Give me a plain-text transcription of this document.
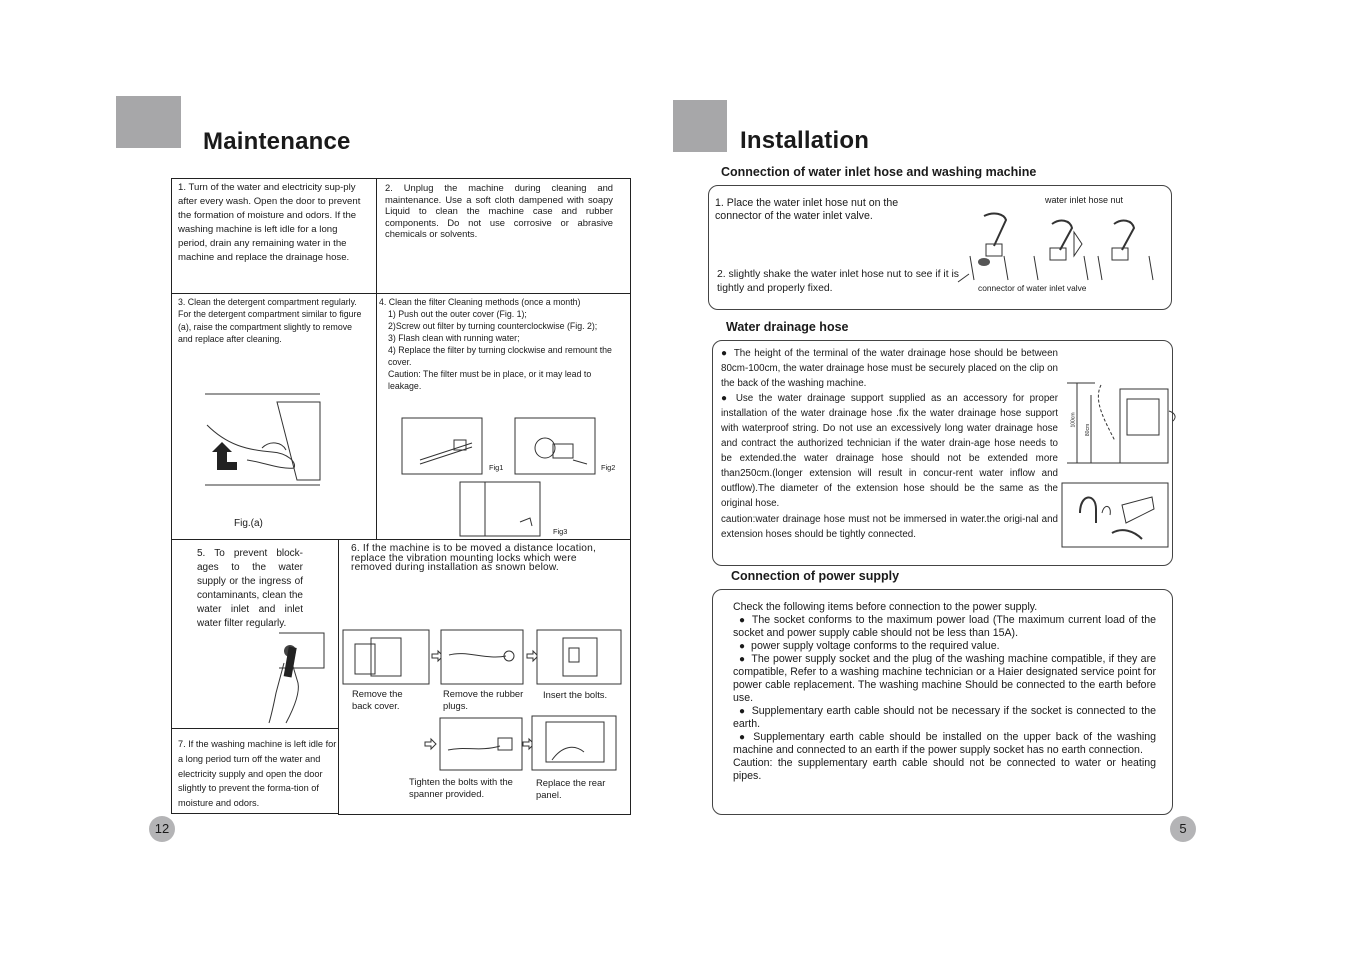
Maintenance
1. Turn of the water and electricity sup-ply after every wash. Open the door to prevent the formation of moisture and odors. If the washing machine is left idle for a long period, drain any remaining water in the machine and replace the drainage hose.
2. Unplug the machine during cleaning and maintenance. Use a soft cloth dampened with soapy Liquid to clean the machine case and rubber components. Do not use corrosive or abrasive chemicals or solvents.
3. Clean the detergent compartment regularly. For the detergent compartment similar to figure (a), raise the compartment slightly to remove and replace after cleaning.
Fig.(a)
4. Clean the filter Cleaning methods (once a month)
1) Push out the outer cover (Fig. 1);
2)Screw out filter by turning counterclockwise (Fig. 2);
3) Flash clean with running water;
4) Replace the filter by turning clockwise and remount the cover.
Caution: The filter must be in place, or it may lead to leakage.
Fig1	Fig2
Fig3
5. To prevent block-ages to the water supply or the ingress of contaminants, clean the water inlet and inlet water filter regularly.
7. If the washing machine is left idle for a long period turn off the water and electricity supply and open the door slightly to prevent the forma-tion of moisture and odors.
6. If the machine is to be moved a distance location, replace the vibration mounting locks which were removed during installation as snown below.
Remove the back cover.
Remove the rubber plugs.
Insert the bolts.
Tighten the bolts with the spanner provided.
Replace the rear panel.
12
Installation
Connection of water inlet hose and washing machine
1. Place the water inlet hose nut on the connector of the water inlet valve.
2. slightly shake the water inlet hose nut to see if it is tightly and properly fixed.
water inlet hose nut
connector of water inlet valve
Water drainage hose
● The height of the terminal of the water drainage hose should be between 80cm-100cm, the water drainage hose must be securely placed on the clip on the back of the washing machine.
● Use the water drainage support supplied as an accessory for proper installation of the water drainage hose .fix the water drainage hose support with waterproof string. Do not use an excessively long water drainage hose and contract the authorized technician if the water drain-age hose needs to be extended.the water drainage hose should not be extended more than250cm.(longer extension will result in concur-rent water inflow and outflow).The diameter of the extension hose should be the same as the original hose.
caution:water drainage hose must not be immersed in water.the origi-nal and extension hoses should be tightly connected.
100cm
80cm
Connection of power supply
Check the following items before connection to the power supply.
● The socket conforms to the maximum power load (The maximum current load of the socket and power supply cable should not be less than 15A).
● power supply voltage conforms to the required value.
● The power supply socket and the plug of the washing machine compatible, if they are compatible, Refer to a washing machine technician or a Haier designated service point for power cable replacement. The washing machine Should be connected to the earth before use.
● Supplementary earth cable should not be necessary if the socket is connected to the earth.
● Supplementary earth cable should be installed on the upper back of the washing machine and connected to an earth if the power supply socket has no earth connection.
Caution: the supplementary earth cable should not be connected to water or heating pipes.
5
